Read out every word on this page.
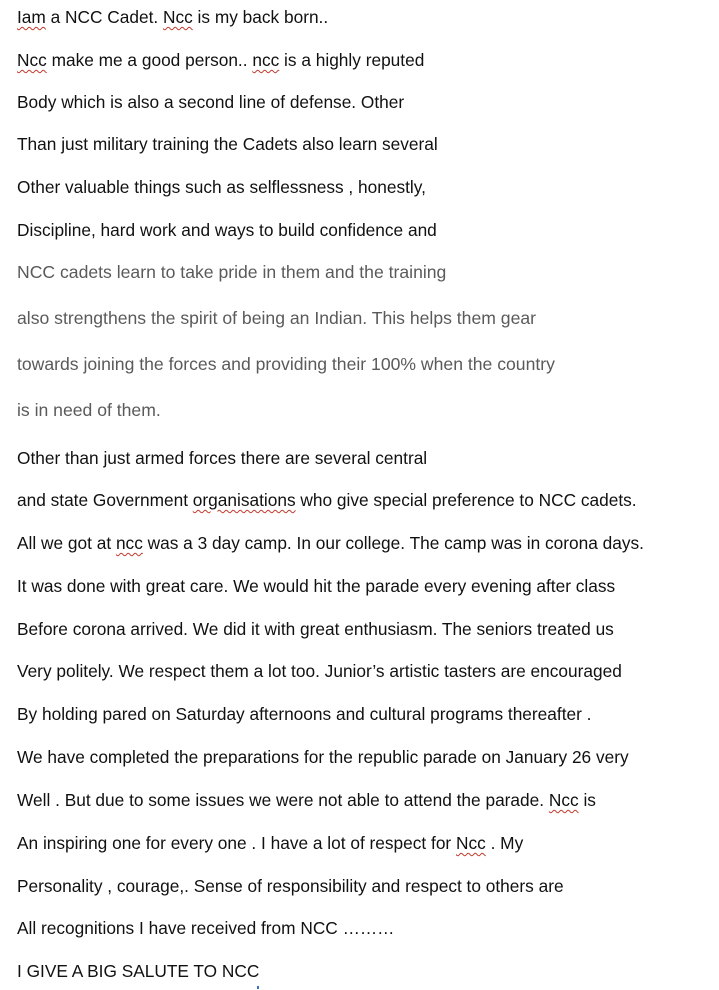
Iam a NCC Cadet. Ncc is my back born..
Ncc make me a good person.. ncc is a highly reputed
Body which is also a second line of defense. Other
Than just military training the Cadets also learn several
Other valuable things such as selflessness , honestly,
Discipline, hard work and ways to build confidence and
NCC cadets learn to take pride in them and the training
also strengthens the spirit of being an Indian. This helps them gear
towards joining the forces and providing their 100% when the country
is in need of them.
Other than just armed forces there are several central
and state Government organisations who give special preference to NCC cadets.
All we got at ncc was a 3 day camp. In our college. The camp was in corona days.
It was done with great care. We would hit the parade every evening after class
Before corona arrived. We did it with great enthusiasm. The seniors treated us
Very politely. We respect them a lot too. Junior’s artistic tasters are encouraged
By holding pared on Saturday afternoons and cultural programs thereafter .
We have completed the preparations for the republic parade on January 26 very
Well . But due to some issues we were not able to attend the parade. Ncc is
An inspiring one for every one . I have a lot of respect for Ncc . My
Personality , courage,. Sense of responsibility and respect to others are
All recognitions I have received from NCC ………
I GIVE A BIG SALUTE TO NCC
